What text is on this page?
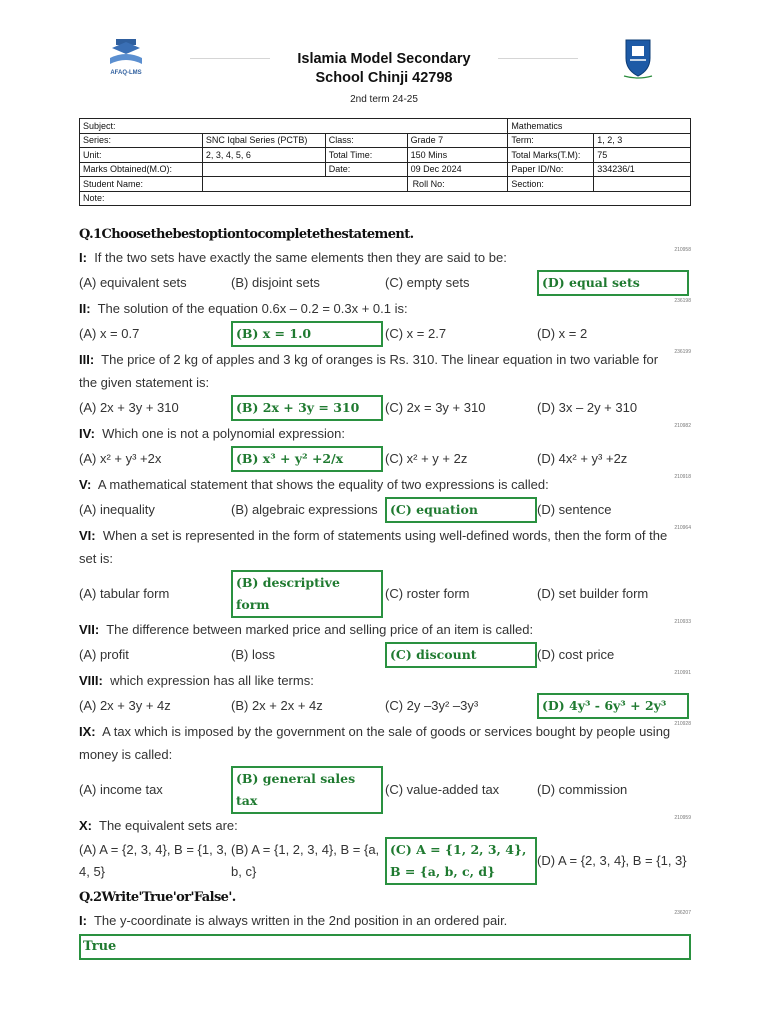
AFAQ-LMS
Islamia Model Secondary
School Chinji 42798
2nd term 24-25
Subject:				Mathematics	
Series:	SNC Iqbal Series (PCTB)	Class:	Grade 7	Term:	1, 2, 3
Unit:	2, 3, 4, 5, 6	Total Time:	150 Mins	Total Marks(T.M):	75
Marks Obtained(M.O):		Date:	09 Dec 2024	Paper ID/No:	334236/1
Student Name:			Roll No:	Section:	
Note:					
Q.1Choosethebestoptiontocompletethestatement.
I: If the two sets have exactly the same elements then they are said to be:	210958
(A) equivalent sets	(B) disjoint sets	(C) empty sets	(D) equal sets
II: The solution of the equation 0.6x – 0.2 = 0.3x + 0.1 is:	236198
(A) x = 0.7	(B) x = 1.0	(C) x = 2.7	(D) x = 2
III: The price of 2 kg of apples and 3 kg of oranges is Rs. 310. The linear equation in two variable for the given statement is:
236199
(A) 2x + 3y + 310	(B) 2x + 3y = 310	(C) 2x = 3y + 310	(D) 3x – 2y + 310
IV: Which one is not a polynomial expression:	210982
(A) x² + y³ +2x	(B) x³ + y² +2/x	(C) x² + y + 2z	(D) 4x² + y³ +2z
V: A mathematical statement that shows the equality of two expressions is called:	210918
(A) inequality	(B) algebraic expressions (C) equation	(D) sentence
VI: When a set is represented in the form of statements using well-defined words, then the form of the set is:
210964
(A) tabular form
(B) descriptive form
(C) roster form	(D) set builder form
VII: The difference between marked price and selling price of an item is called:	210933
(A) profit	(B) loss	(C) discount	(D) cost price
VIII: which expression has all like terms:	210991
(A) 2x + 3y + 4z	(B) 2x + 2x + 4z	(C) 2y –3y² –3y³	(D) 4y³ - 6y³ + 2y³
IX: A tax which is imposed by the government on the sale of goods or services bought by people using money is called:
210928
(A) income tax
(B) general sales tax
(C) value-added tax	(D) commission
X: The equivalent sets are:	210959
(A) A = {2, 3, 4}, B = {1, 3, 4, 5}
(B) A = {1, 2, 3, 4}, B = {a, b, c}
(C) A = {1, 2, 3, 4}, B = {a, b, c, d}
(D) A = {2, 3, 4}, B = {1, 3}
Q.2Write'True'or'False'.
I: The y-coordinate is always written in the 2nd position in an ordered pair.	236207
True
